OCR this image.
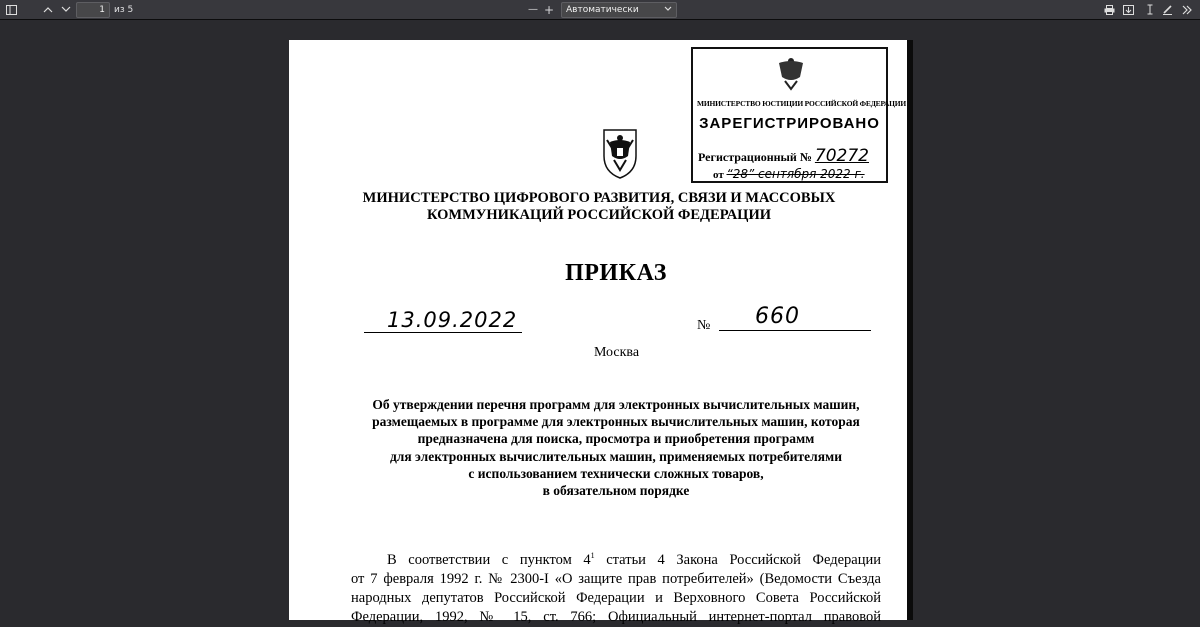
1
из 5	— +	Автоматически
МИНИСТЕРСТВО ЮСТИЦИИ РОССИЙСКОЙ ФЕДЕРАЦИИ
ЗАРЕГИСТРИРОВАНО
Регистрационный № 70272
от “28” сентября 2022 г.
МИНИСТЕРСТВО ЦИФРОВОГО РАЗВИТИЯ, СВЯЗИ И МАССОВЫХ
КОММУНИКАЦИЙ РОССИЙСКОЙ ФЕДЕРАЦИИ
ПРИКАЗ
13.09.2022	№ 660
Москва
Об утверждении перечня программ для электронных вычислительных машин,
размещаемых в программе для электронных вычислительных машин, которая
предназначена для поиска, просмотра и приобретения программ
для электронных вычислительных машин, применяемых потребителями
с использованием технически сложных товаров,
в обязательном порядке
В соответствии с пунктом $4^1$ статьи 4 Закона Российской Федерации
от 7 февраля 1992 г. № 2300-I «О защите прав потребителей» (Ведомости Съезда
народных депутатов Российской Федерации и Верховного Совета Российской
Федерации, 1992, № 15, ст. 766; Официальный интернет-портал правовой
